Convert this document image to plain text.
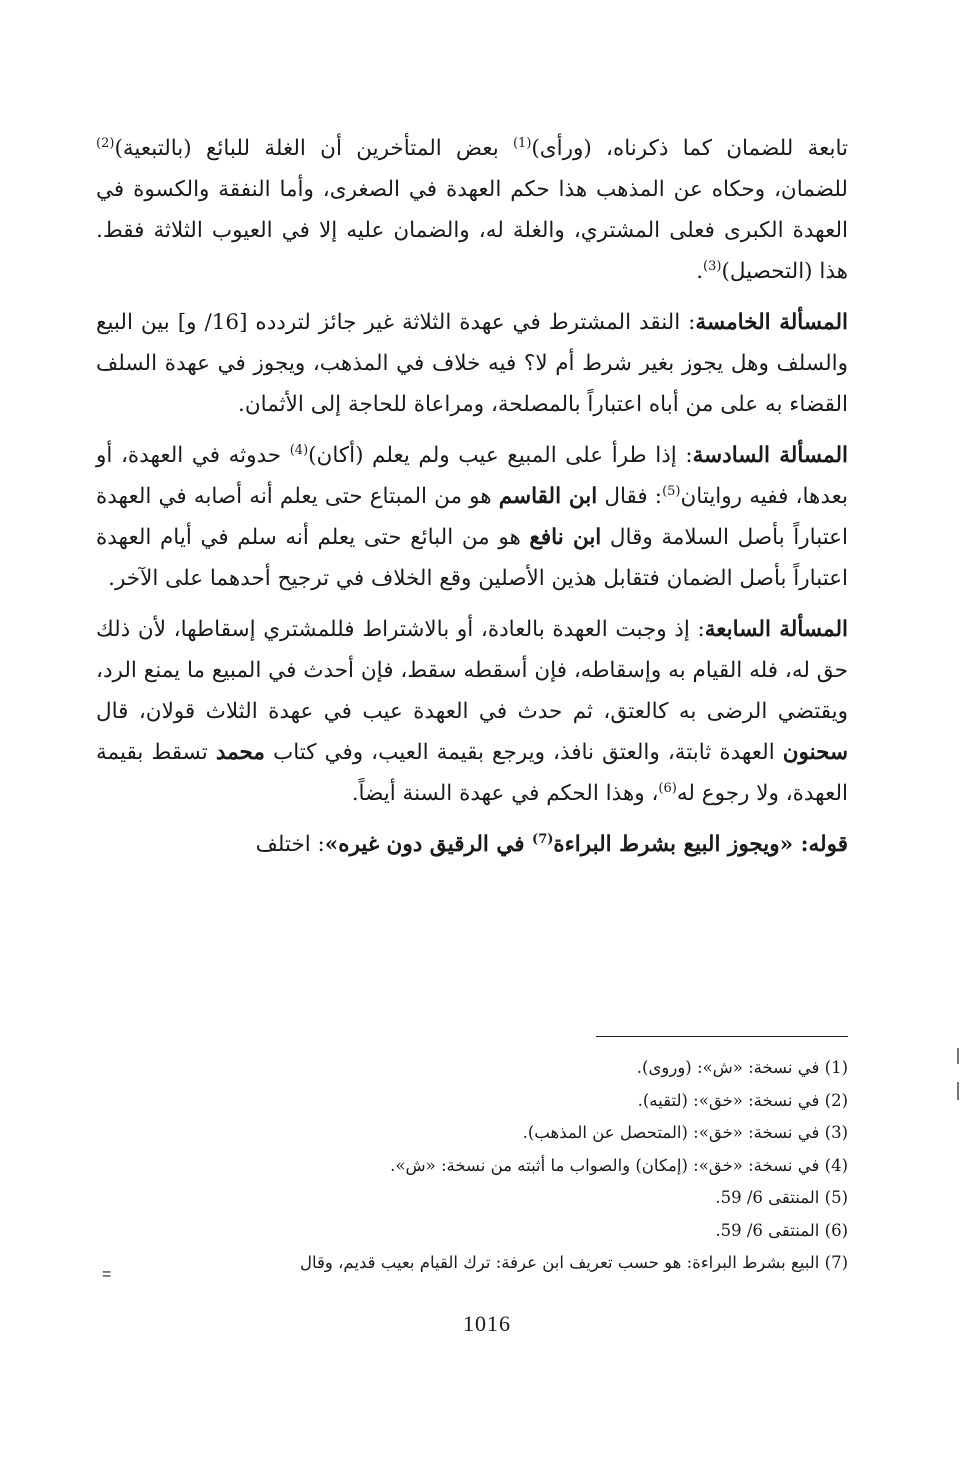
تابعة للضمان كما ذكرناه، (ورأى)$^{(1)}$ بعض المتأخرين أن الغلة للبائع (بالتبعية)$^{(2)}$ للضمان، وحكاه عن المذهب هذا حكم العهدة في الصغرى، وأما النفقة والكسوة في العهدة الكبرى فعلى المشتري، والغلة له، والضمان عليه إلا في العيوب الثلاثة فقط. هذا (التحصيل)$^{(3)}$.

المسألة الخامسة: النقد المشترط في عهدة الثلاثة غير جائز لتردده [16/ و] بين البيع والسلف وهل يجوز بغير شرط أم لا؟ فيه خلاف في المذهب، ويجوز في عهدة السلف القضاء به على من أباه اعتباراً بالمصلحة، ومراعاة للحاجة إلى الأثمان.

المسألة السادسة: إذا طرأ على المبيع عيب ولم يعلم (أكان)$^{(4)}$ حدوثه في العهدة، أو بعدها، ففيه روايتان$^{(5)}$: فقال ابن القاسم هو من المبتاع حتى يعلم أنه أصابه في العهدة اعتباراً بأصل السلامة وقال ابن نافع هو من البائع حتى يعلم أنه سلم في أيام العهدة اعتباراً بأصل الضمان فتقابل هذين الأصلين وقع الخلاف في ترجيح أحدهما على الآخر.

المسألة السابعة: إذ وجبت العهدة بالعادة، أو بالاشتراط فللمشتري إسقاطها، لأن ذلك حق له، فله القيام به وإسقاطه، فإن أسقطه سقط، فإن أحدث في المبيع ما يمنع الرد، ويقتضي الرضى به كالعتق، ثم حدث في العهدة عيب في عهدة الثلاث قولان، قال سحنون العهدة ثابتة، والعتق نافذ، ويرجع بقيمة العيب، وفي كتاب محمد تسقط بقيمة العهدة، ولا رجوع له$^{(6)}$، وهذا الحكم في عهدة السنة أيضاً.

قوله: «ويجوز البيع بشرط البراءة$^{(7)}$ في الرقيق دون غيره»: اختلف

(1) في نسخة: «ش»: (وروى).
(2) في نسخة: «خق»: (لتقيه).
(3) في نسخة: «خق»: (المتحصل عن المذهب).
(4) في نسخة: «خق»: (إمكان) والصواب ما أثبته من نسخة: «ش».
(5) المنتقى 6/ 59.
(6) المنتقى 6/ 59.
(7) البيع بشرط البراءة: هو حسب تعريف ابن عرفة: ترك القيام بعيب قديم، وقال
=
1016
